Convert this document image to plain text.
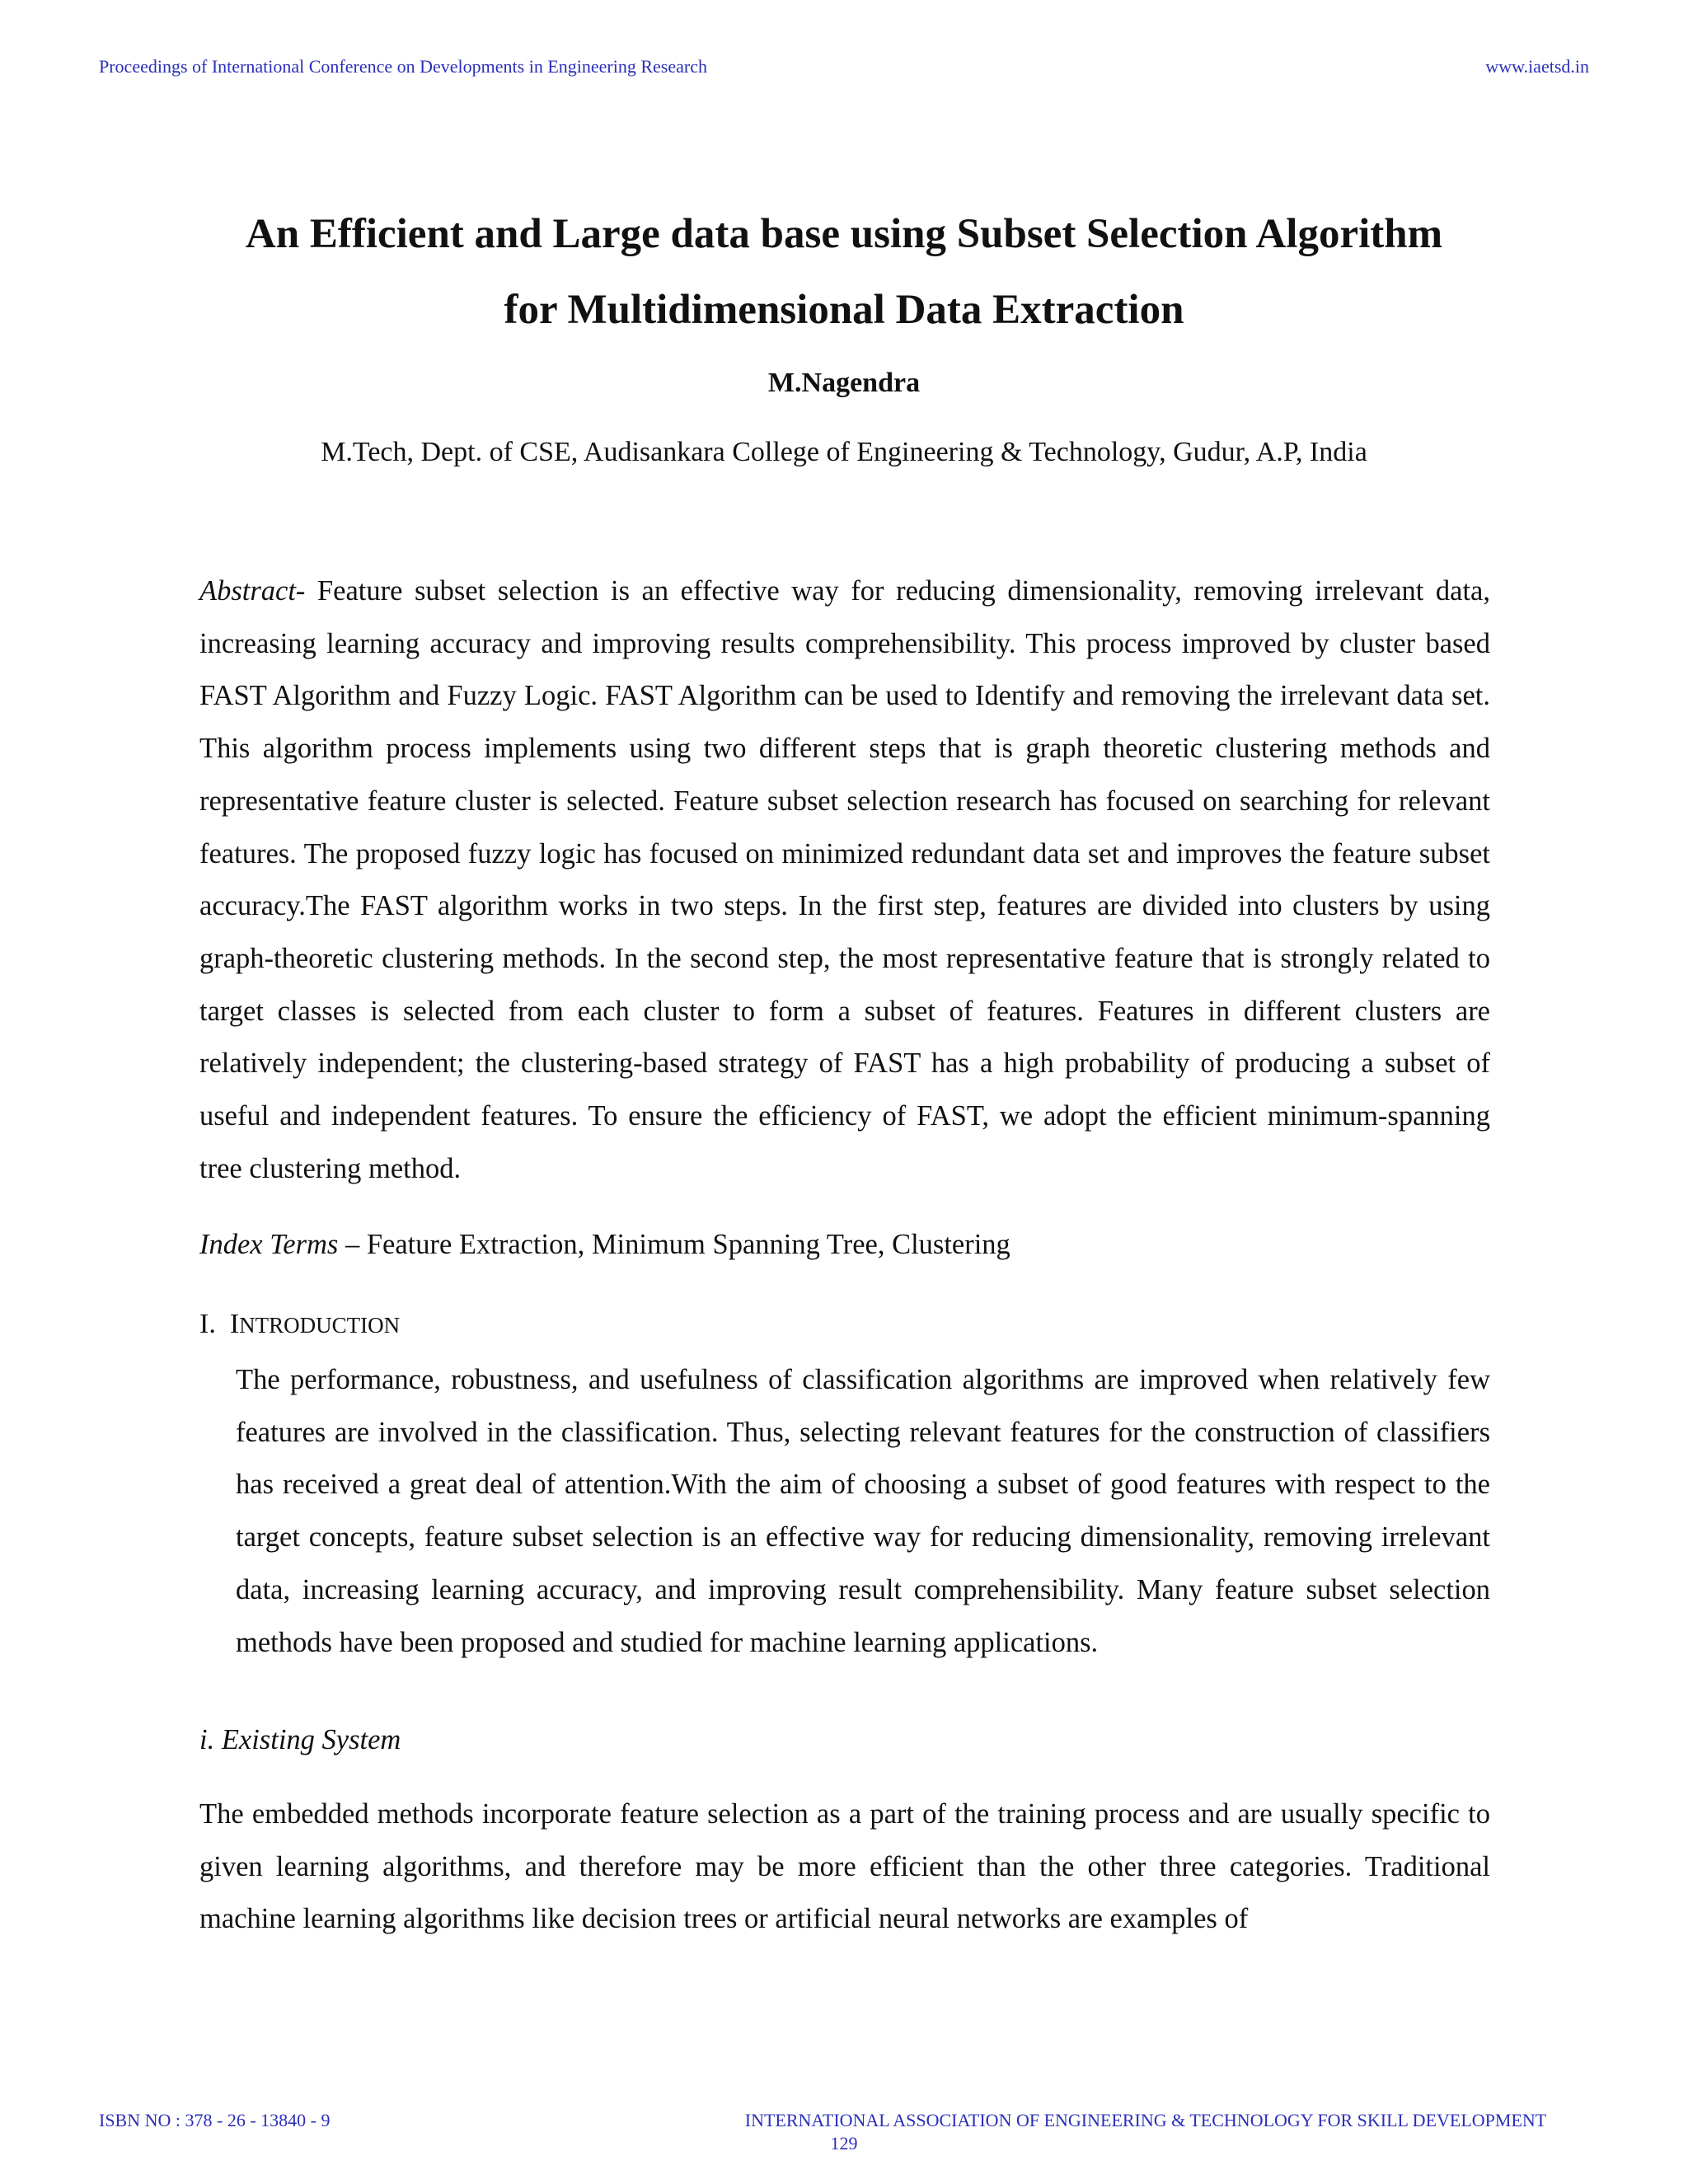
Proceedings of International Conference on Developments in Engineering Research	www.iaetsd.in
An Efficient and Large data base using Subset Selection Algorithm
for Multidimensional Data Extraction
M.Nagendra
M.Tech, Dept. of CSE, Audisankara College of Engineering & Technology, Gudur, A.P, India
Abstract- Feature subset selection is an effective way for reducing dimensionality, removing irrelevant data, increasing learning accuracy and improving results comprehensibility. This process improved by cluster based FAST Algorithm and Fuzzy Logic. FAST Algorithm can be used to Identify and removing the irrelevant data set. This algorithm process implements using two different steps that is graph theoretic clustering methods and representative feature cluster is selected. Feature subset selection research has focused on searching for relevant features. The proposed fuzzy logic has focused on minimized redundant data set and improves the feature subset accuracy.The FAST algorithm works in two steps. In the first step, features are divided into clusters by using graph-theoretic clustering methods. In the second step, the most representative feature that is strongly related to target classes is selected from each cluster to form a subset of features. Features in different clusters are relatively independent; the clustering-based strategy of FAST has a high probability of producing a subset of useful and independent features. To ensure the efficiency of FAST, we adopt the efficient minimum-spanning tree clustering method.
Index Terms – Feature Extraction, Minimum Spanning Tree, Clustering
I. INTRODUCTION
The performance, robustness, and usefulness of classification algorithms are improved when relatively few features are involved in the classification. Thus, selecting relevant features for the construction of classifiers has received a great deal of attention.With the aim of choosing a subset of good features with respect to the target concepts, feature subset selection is an effective way for reducing dimensionality, removing irrelevant data, increasing learning accuracy, and improving result comprehensibility. Many feature subset selection methods have been proposed and studied for machine learning applications.
i. Existing System
The embedded methods incorporate feature selection as a part of the training process and are usually specific to given learning algorithms, and therefore may be more efficient than the other three categories. Traditional machine learning algorithms like decision trees or artificial neural networks are examples of
ISBN NO : 378 - 26 - 13840 - 9	INTERNATIONAL ASSOCIATION OF ENGINEERING & TECHNOLOGY FOR SKILL DEVELOPMENT
129
